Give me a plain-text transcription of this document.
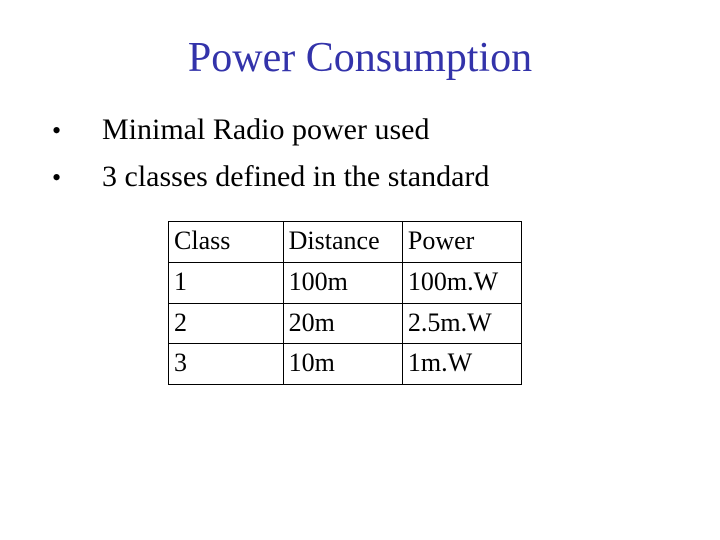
Power Consumption
•	Minimal Radio power used
•	3 classes defined in the standard
Class	Distance	Power
1	100m	100m.W
2	20m	2.5m.W
3	10m	1m.W
